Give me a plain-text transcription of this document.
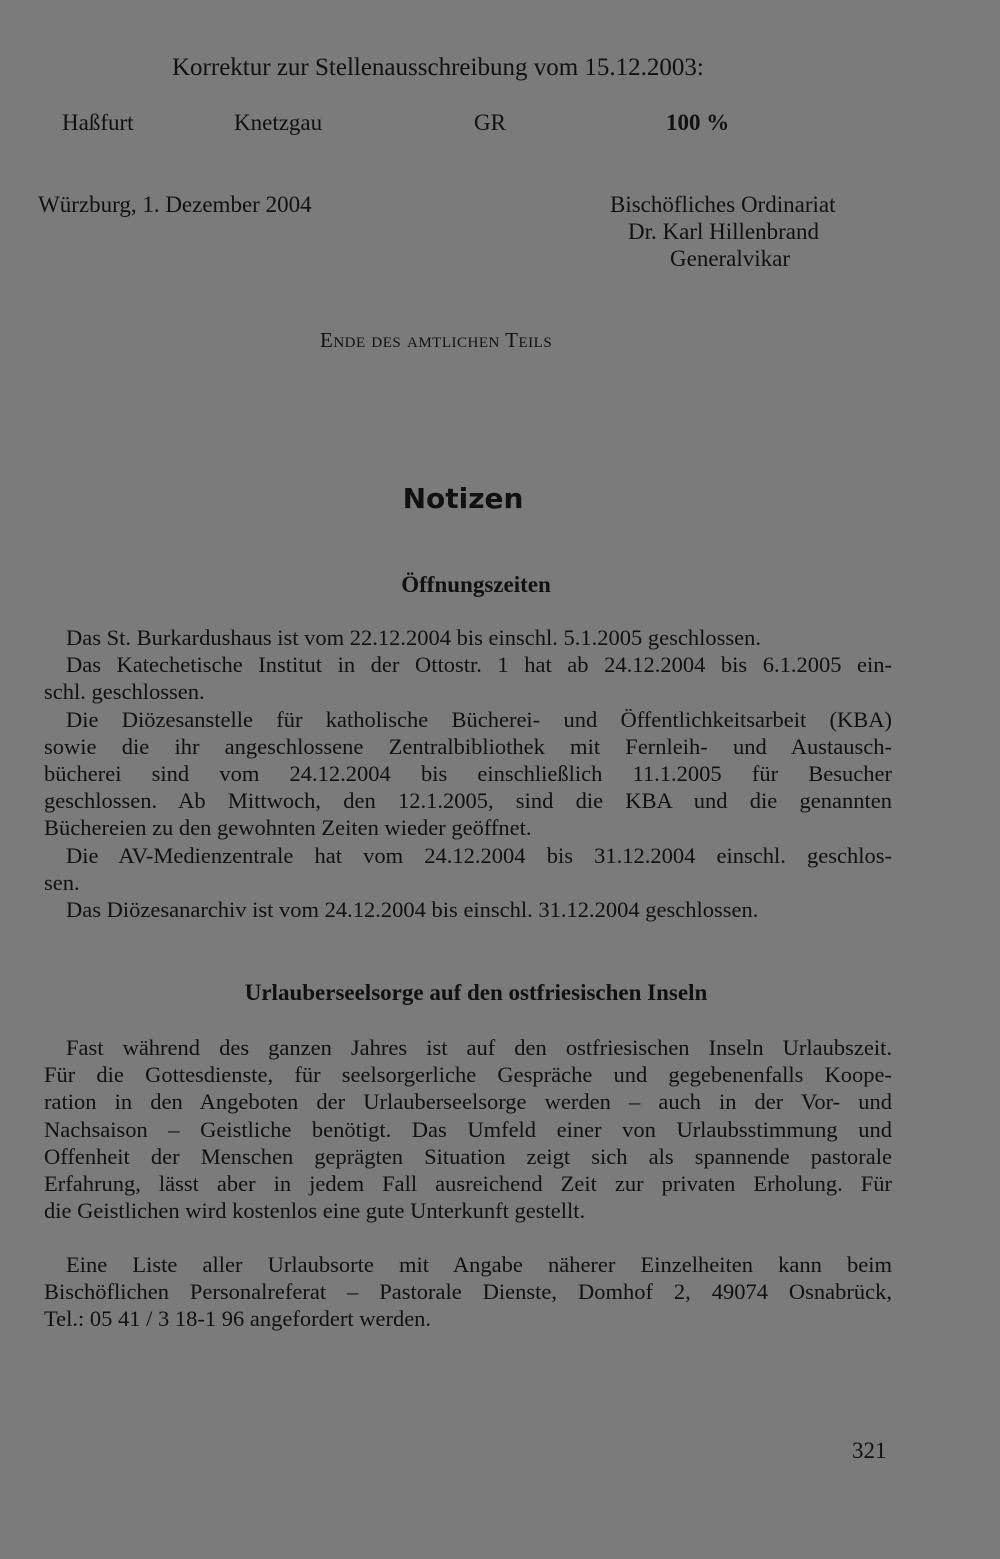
Korrektur zur Stellenausschreibung vom 15.12.2003:
Haßfurt	Knetzgau	GR	100 %
Würzburg, 1. Dezember 2004	Bischöfliches Ordinariat
Dr. Karl Hillenbrand
Generalvikar
Ende des amtlichen Teils
Notizen
Öffnungszeiten
Das St. Burkardushaus ist vom 22.12.2004 bis einschl. 5.1.2005 geschlossen.
Das Katechetische Institut in der Ottostr. 1 hat ab 24.12.2004 bis 6.1.2005 ein-
schl. geschlossen.
Die Diözesanstelle für katholische Bücherei- und Öffentlichkeitsarbeit (KBA)
sowie die ihr angeschlossene Zentralbibliothek mit Fernleih- und Austausch-
bücherei sind vom 24.12.2004 bis einschließlich 11.1.2005 für Besucher
geschlossen. Ab Mittwoch, den 12.1.2005, sind die KBA und die genannten
Büchereien zu den gewohnten Zeiten wieder geöffnet.
Die AV-Medienzentrale hat vom 24.12.2004 bis 31.12.2004 einschl. geschlos-
sen.
Das Diözesanarchiv ist vom 24.12.2004 bis einschl. 31.12.2004 geschlossen.
Urlauberseelsorge auf den ostfriesischen Inseln
Fast während des ganzen Jahres ist auf den ostfriesischen Inseln Urlaubszeit.
Für die Gottesdienste, für seelsorgerliche Gespräche und gegebenenfalls Koope-
ration in den Angeboten der Urlauberseelsorge werden – auch in der Vor- und
Nachsaison – Geistliche benötigt. Das Umfeld einer von Urlaubsstimmung und
Offenheit der Menschen geprägten Situation zeigt sich als spannende pastorale
Erfahrung, lässt aber in jedem Fall ausreichend Zeit zur privaten Erholung. Für
die Geistlichen wird kostenlos eine gute Unterkunft gestellt.
Eine Liste aller Urlaubsorte mit Angabe näherer Einzelheiten kann beim
Bischöflichen Personalreferat – Pastorale Dienste, Domhof 2, 49074 Osnabrück,
Tel.: 05 41 / 3 18-1 96 angefordert werden.
321
